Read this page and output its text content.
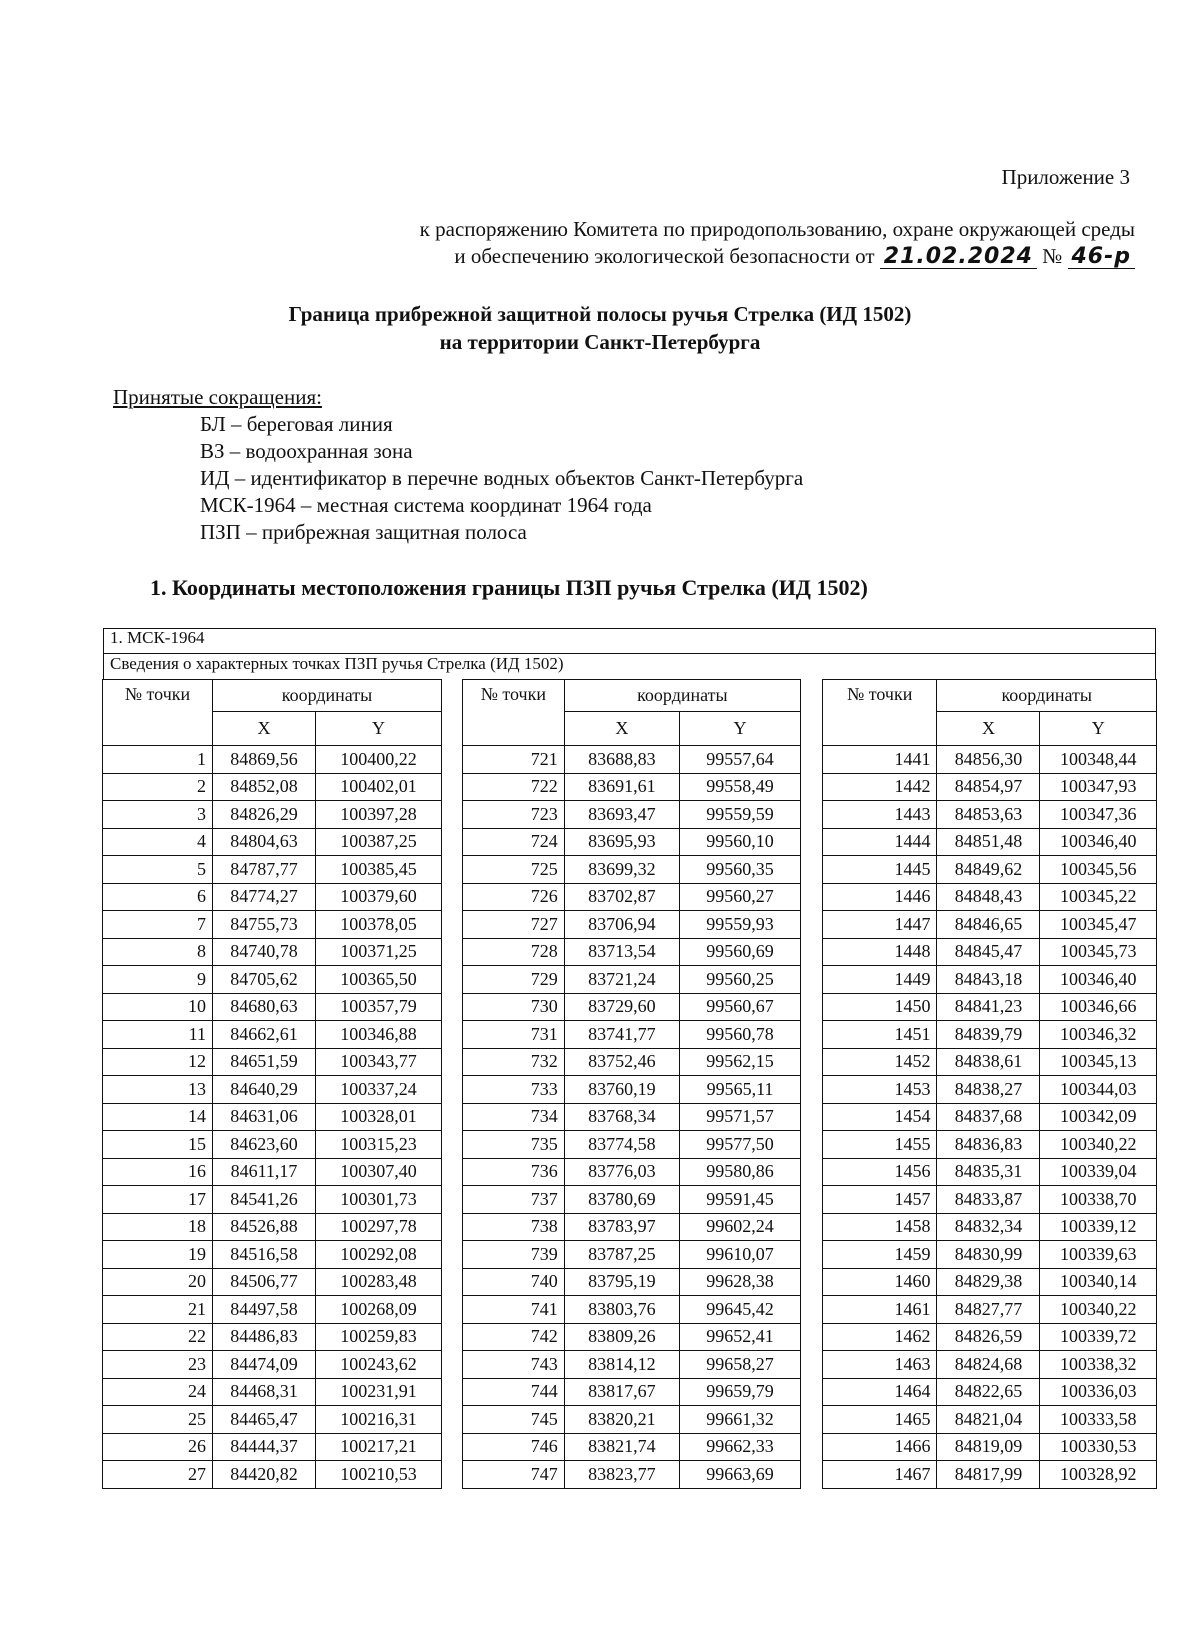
Приложение 3
к распоряжению Комитета по природопользованию, охране окружающей среды
и обеспечению экологической безопасности от 21.02.2024 № 46-р
Граница прибрежной защитной полосы ручья Стрелка (ИД 1502)
на территории Санкт-Петербурга
Принятые сокращения:
БЛ – береговая линия
ВЗ – водоохранная зона
ИД – идентификатор в перечне водных объектов Санкт-Петербурга
МСК-1964 – местная система координат 1964 года
ПЗП – прибрежная защитная полоса
1. Координаты местоположения границы ПЗП ручья Стрелка (ИД 1502)
1. МСК-1964
Сведения о характерных точках ПЗП ручья Стрелка (ИД 1502)
№ точки	координаты	
	X	Y
1	84869,56	100400,22
2	84852,08	100402,01
3	84826,29	100397,28
4	84804,63	100387,25
5	84787,77	100385,45
6	84774,27	100379,60
7	84755,73	100378,05
8	84740,78	100371,25
9	84705,62	100365,50
10	84680,63	100357,79
11	84662,61	100346,88
12	84651,59	100343,77
13	84640,29	100337,24
14	84631,06	100328,01
15	84623,60	100315,23
16	84611,17	100307,40
17	84541,26	100301,73
18	84526,88	100297,78
19	84516,58	100292,08
20	84506,77	100283,48
21	84497,58	100268,09
22	84486,83	100259,83
23	84474,09	100243,62
24	84468,31	100231,91
25	84465,47	100216,31
26	84444,37	100217,21
27	84420,82	100210,53
№ точки	координаты	
	X	Y
721	83688,83	99557,64
722	83691,61	99558,49
723	83693,47	99559,59
724	83695,93	99560,10
725	83699,32	99560,35
726	83702,87	99560,27
727	83706,94	99559,93
728	83713,54	99560,69
729	83721,24	99560,25
730	83729,60	99560,67
731	83741,77	99560,78
732	83752,46	99562,15
733	83760,19	99565,11
734	83768,34	99571,57
735	83774,58	99577,50
736	83776,03	99580,86
737	83780,69	99591,45
738	83783,97	99602,24
739	83787,25	99610,07
740	83795,19	99628,38
741	83803,76	99645,42
742	83809,26	99652,41
743	83814,12	99658,27
744	83817,67	99659,79
745	83820,21	99661,32
746	83821,74	99662,33
747	83823,77	99663,69
№ точки	координаты	
	X	Y
1441	84856,30	100348,44
1442	84854,97	100347,93
1443	84853,63	100347,36
1444	84851,48	100346,40
1445	84849,62	100345,56
1446	84848,43	100345,22
1447	84846,65	100345,47
1448	84845,47	100345,73
1449	84843,18	100346,40
1450	84841,23	100346,66
1451	84839,79	100346,32
1452	84838,61	100345,13
1453	84838,27	100344,03
1454	84837,68	100342,09
1455	84836,83	100340,22
1456	84835,31	100339,04
1457	84833,87	100338,70
1458	84832,34	100339,12
1459	84830,99	100339,63
1460	84829,38	100340,14
1461	84827,77	100340,22
1462	84826,59	100339,72
1463	84824,68	100338,32
1464	84822,65	100336,03
1465	84821,04	100333,58
1466	84819,09	100330,53
1467	84817,99	100328,92
